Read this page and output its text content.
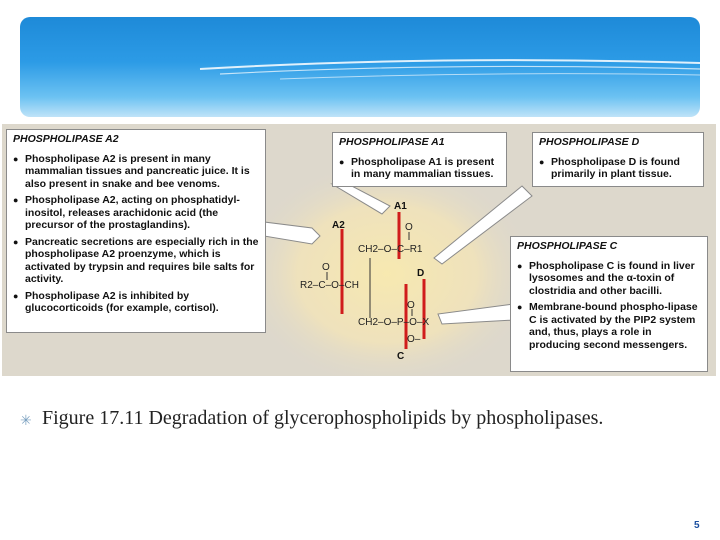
PHOSPHOLIPASE A2

● Phospholipase A2 is present in many mammalian tissues and pancreatic juice. It is also present in snake and bee venoms.

● Phospholipase A2, acting on phosphatidyl-inositol, releases arachidonic acid (the precursor of the prostaglandins).

● Pancreatic secretions are especially rich in the phospholipase A2 proenzyme, which is activated by trypsin and requires bile salts for activity.

● Phospholipase A2 is inhibited by glucocorticoids (for example, cortisol).

PHOSPHOLIPASE A1

● Phospholipase A1 is present in many mammalian tissues.

PHOSPHOLIPASE D

● Phospholipase D is found primarily in plant tissue.

PHOSPHOLIPASE C

● Phospholipase C is found in liver lysosomes and the α-toxin of clostridia and other bacilli.

● Membrane-bound phospho-lipase C is activated by the PIP2 system and, thus, plays a role in producing second messengers.

A1
A2
D
C
O
CH2–O–C–R1
O
R2–C–O–CH
O
CH2–O–P–O–X
O–
✳ Figure 17.11 Degradation of glycerophospholipids by phospholipases.
5
